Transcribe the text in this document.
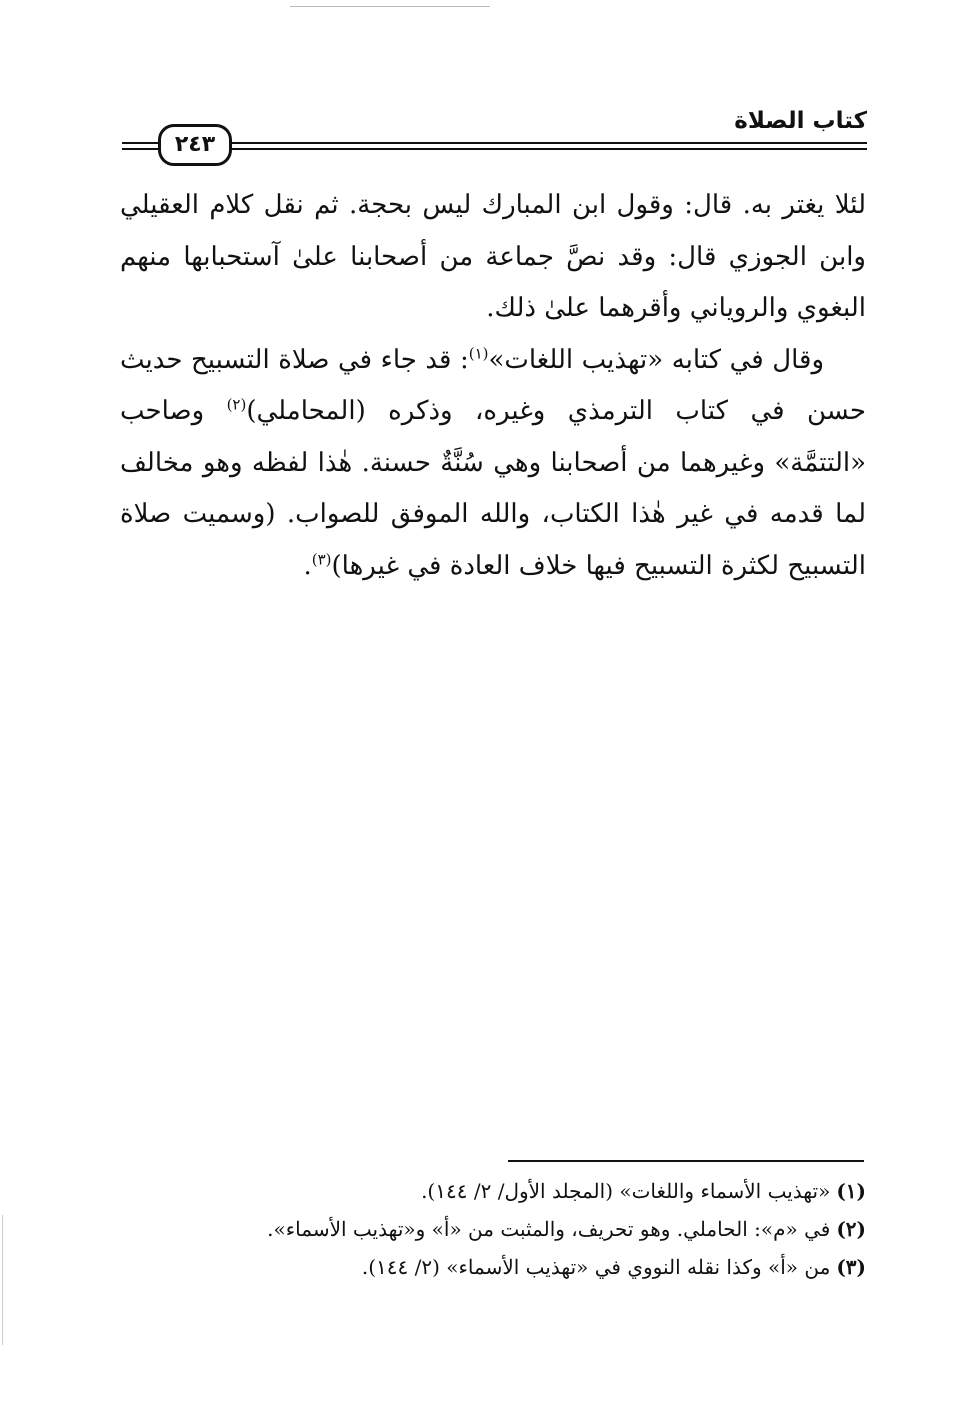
كتاب الصلاة
٢٤٣

لئلا يغتر به. قال: وقول ابن المبارك ليس بحجة. ثم نقل كلام العقيلي وابن الجوزي قال: وقد نصَّ جماعة من أصحابنا علىٰ آستحبابها منهم البغوي والروياني وأقرهما علىٰ ذلك.

وقال في كتابه «تهذيب اللغات»$^{(١)}$: قد جاء في صلاة التسبيح حديث حسن في كتاب الترمذي وغيره، وذكره (المحاملي)$^{(٢)}$ وصاحب «التتمَّة» وغيرهما من أصحابنا وهي سُنَّةٌ حسنة. هٰذا لفظه وهو مخالف لما قدمه في غير هٰذا الكتاب، والله الموفق للصواب. (وسميت صلاة التسبيح لكثرة التسبيح فيها خلاف العادة في غيرها)$^{(٣)}$.

(١)«تهذيب الأسماء واللغات» (المجلد الأول/ ٢/ ١٤٤).

(٢)في «م»: الحاملي. وهو تحريف، والمثبت من «أ» و«تهذيب الأسماء».

(٣)من «أ» وكذا نقله النووي في «تهذيب الأسماء» (٢/ ١٤٤).
